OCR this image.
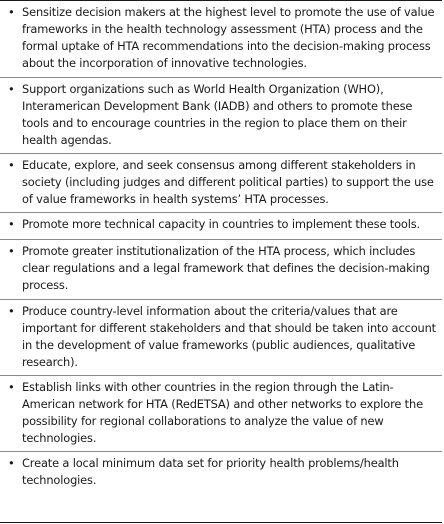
• Sensitize decision makers at the highest level to promote the use of value frameworks in the health technology assessment (HTA) process and the formal uptake of HTA recommendations into the decision-making process about the incorporation of innovative technologies.
• Support organizations such as World Health Organization (WHO), Interamerican Development Bank (IADB) and others to promote these tools and to encourage countries in the region to place them on their health agendas.
• Educate, explore, and seek consensus among different stakeholders in society (including judges and different political parties) to support the use of value frameworks in health systems’ HTA processes.
• Promote more technical capacity in countries to implement these tools.
• Promote greater institutionalization of the HTA process, which includes clear regulations and a legal framework that defines the decision-making process.
• Produce country-level information about the criteria/values that are important for different stakeholders and that should be taken into account in the development of value frameworks (public audiences, qualitative research).
• Establish links with other countries in the region through the Latin-American network for HTA (RedETSA) and other networks to explore the possibility for regional collaborations to analyze the value of new technologies.
• Create a local minimum data set for priority health problems/health technologies.
